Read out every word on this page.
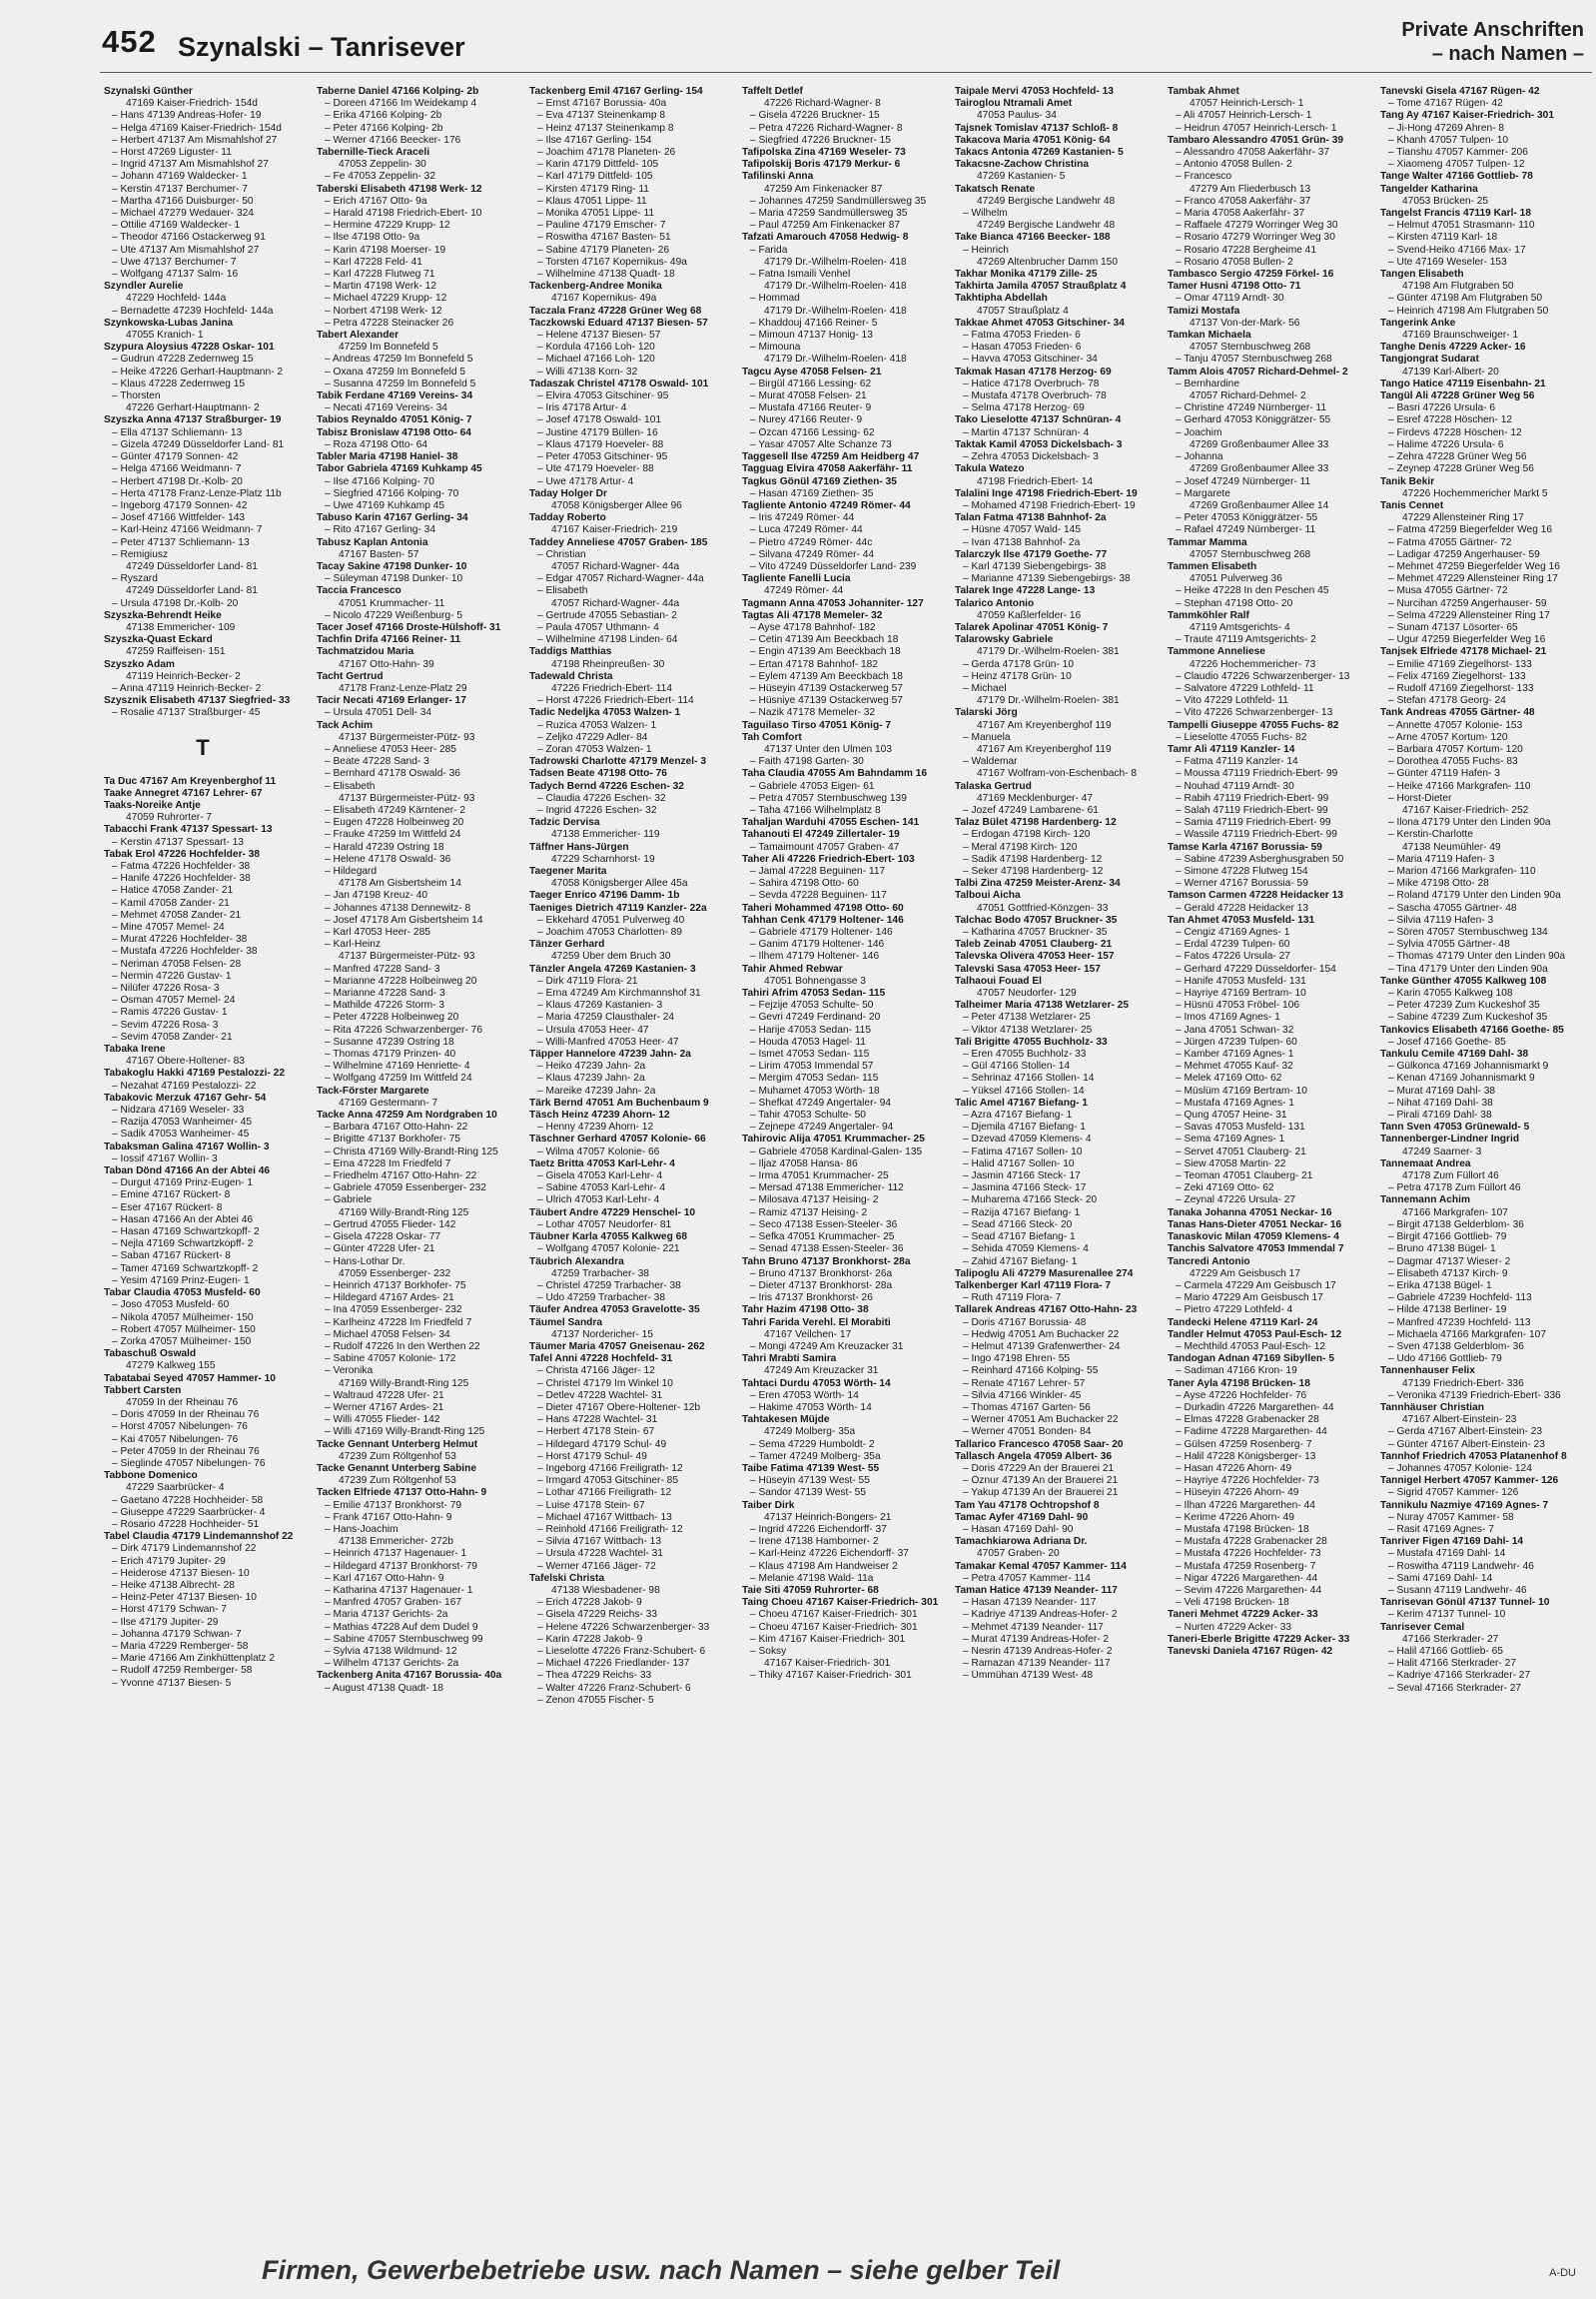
452 Szynalski – Tanrisever
Private Anschriften
– nach Namen –
Szynalski Günther
47169 Kaiser-Friedrich- 154d
– Hans 47139 Andreas-Hofer- 19
– Helga 47169 Kaiser-Friedrich- 154d
– Herbert 47137 Am Mismahlshof 27
– Horst 47269 Liguster- 11
– Ingrid 47137 Am Mismahlshof 27
– Johann 47169 Waldecker- 1
– Kerstin 47137 Berchumer- 7
– Martha 47166 Duisburger- 50
– Michael 47279 Wedauer- 324
– Ottilie 47169 Waldecker- 1
– Theodor 47166 Ostackerweg 91
– Ute 47137 Am Mismahlshof 27
– Uwe 47137 Berchumer- 7
– Wolfgang 47137 Salm- 16
Szyndler Aurelie
47229 Hochfeld- 144a
– Bernadette 47239 Hochfeld- 144a
Szynkowska-Lubas Janina
47055 Kranich- 1
Szypura Aloysius 47228 Oskar- 101
– Gudrun 47228 Zedernweg 15
– Heike 47226 Gerhart-Hauptmann- 2
– Klaus 47228 Zedernweg 15
– Thorsten
47226 Gerhart-Hauptmann- 2
Szyszka Anna 47137 Straßburger- 19
– Ella 47137 Schliemann- 13
– Gizela 47249 Düsseldorfer Land- 81
– Günter 47179 Sonnen- 42
– Helga 47166 Weidmann- 7
– Herbert 47198 Dr.-Kolb- 20
– Herta 47178 Franz-Lenze-Platz 11b
– Ingeborg 47179 Sonnen- 42
– Josef 47166 Wittfelder- 143
– Karl-Heinz 47166 Weidmann- 7
– Peter 47137 Schliemann- 13
– Remigiusz
47249 Düsseldorfer Land- 81
– Ryszard
47249 Düsseldorfer Land- 81
– Ursula 47198 Dr.-Kolb- 20
Szyszka-Behrendt Heike
47138 Emmericher- 109
Szyszka-Quast Eckard
47259 Raiffeisen- 151
Szyszko Adam
47119 Heinrich-Becker- 2
– Anna 47119 Heinrich-Becker- 2
Szysznik Elisabeth 47137 Siegfried- 33
– Rosalie 47137 Straßburger- 45
T
Ta Duc 47167 Am Kreyenberghof 11
Taake Annegret 47167 Lehrer- 67
Taaks-Noreike Antje
47059 Ruhrorter- 7
Tabacchi Frank 47137 Spessart- 13
– Kerstin 47137 Spessart- 13
Tabak Erol 47226 Hochfelder- 38
– Fatma 47226 Hochfelder- 38
– Hanife 47226 Hochfelder- 38
– Hatice 47058 Zander- 21
– Kamil 47058 Zander- 21
– Mehmet 47058 Zander- 21
– Mine 47057 Memel- 24
– Murat 47226 Hochfelder- 38
– Mustafa 47226 Hochfelder- 38
– Neriman 47058 Felsen- 28
– Nermin 47226 Gustav- 1
– Nilüfer 47226 Rosa- 3
– Osman 47057 Memel- 24
– Ramis 47226 Gustav- 1
– Sevim 47226 Rosa- 3
– Sevim 47058 Zander- 21
Tabaka Irene
47167 Obere-Holtener- 83
Tabakoglu Hakki 47169 Pestalozzi- 22
– Nezahat 47169 Pestalozzi- 22
Tabakovic Merzuk 47167 Gehr- 54
– Nidzara 47169 Weseler- 33
– Razija 47053 Wanheimer- 45
– Sadik 47053 Wanheimer- 45
Tabaksman Galina 47167 Wollin- 3
– Iossif 47167 Wollin- 3
Taban Dönd 47166 An der Abtei 46
– Durgut 47169 Prinz-Eugen- 1
– Emine 47167 Rückert- 8
– Eser 47167 Rückert- 8
– Hasan 47166 An der Abtei 46
– Hasan 47169 Schwartzkopff- 2
– Nejla 47169 Schwartzkopff- 2
– Saban 47167 Rückert- 8
– Tamer 47169 Schwartzkopff- 2
– Yesim 47169 Prinz-Eugen- 1
Tabar Claudia 47053 Musfeld- 60
– Joso 47053 Musfeld- 60
– Nikola 47057 Mülheimer- 150
– Robert 47057 Mülheimer- 150
– Zorka 47057 Mülheimer- 150
Tabaschuß Oswald
47279 Kalkweg 155
Tabatabai Seyed 47057 Hammer- 10
Tabbert Carsten
47059 In der Rheinau 76
– Doris 47059 In der Rheinau 76
– Horst 47057 Nibelungen- 76
– Kai 47057 Nibelungen- 76
– Peter 47059 In der Rheinau 76
– Sieglinde 47057 Nibelungen- 76
Tabbone Domenico
47229 Saarbrücker- 4
– Gaetano 47228 Hochheider- 58
– Giuseppe 47229 Saarbrücker- 4
– Rosario 47228 Hochheider- 51
Tabel Claudia 47179 Lindemannshof 22
– Dirk 47179 Lindemannshof 22
– Erich 47179 Jupiter- 29
– Heiderose 47137 Biesen- 10
– Heike 47138 Albrecht- 28
– Heinz-Peter 47137 Biesen- 10
– Horst 47179 Schwan- 7
– Ilse 47179 Jupiter- 29
– Johanna 47179 Schwan- 7
– Maria 47229 Remberger- 58
– Marie 47166 Am Zinkhüttenplatz 2
– Rudolf 47259 Remberger- 58
– Yvonne 47137 Biesen- 5
Taberne Daniel 47166 Kolping- 2b
– Doreen 47166 Im Weidekamp 4
– Erika 47166 Kolping- 2b
– Peter 47166 Kolping- 2b
– Werner 47166 Beecker- 176
Tabernille-Tieck Araceli
47053 Zeppelin- 30
– Fe 47053 Zeppelin- 32
Taberski Elisabeth 47198 Werk- 12
– Erich 47167 Otto- 9a
– Harald 47198 Friedrich-Ebert- 10
– Hermine 47229 Krupp- 12
– Ilse 47198 Otto- 9a
– Karin 47198 Moerser- 19
– Karl 47228 Feld- 41
– Karl 47228 Flutweg 71
– Martin 47198 Werk- 12
– Michael 47229 Krupp- 12
– Norbert 47198 Werk- 12
– Petra 47228 Steinacker 26
Tabert Alexander
47259 Im Bonnefeld 5
– Andreas 47259 Im Bonnefeld 5
– Oxana 47259 Im Bonnefeld 5
– Susanna 47259 Im Bonnefeld 5
Tabik Ferdane 47169 Vereins- 34
– Necati 47169 Vereins- 34
Tabios Reynaldo 47051 König- 7
Tabisz Bronislaw 47198 Otto- 64
– Roza 47198 Otto- 64
Tabler Maria 47198 Haniel- 38
Tabor Gabriela 47169 Kuhkamp 45
– Ilse 47166 Kolping- 70
– Siegfried 47166 Kolping- 70
– Uwe 47169 Kuhkamp 45
Tabuso Karin 47167 Gerling- 34
– Rito 47167 Gerling- 34
Tabusz Kaplan Antonia
47167 Basten- 57
Tacay Sakine 47198 Dunker- 10
– Süleyman 47198 Dunker- 10
Taccia Francesco
47051 Krummacher- 11
– Nicolo 47229 Weißenburg- 5
Tacer Josef 47166 Droste-Hülshoff- 31
Tachfin Drifa 47166 Reiner- 11
Tachmatzidou Maria
47167 Otto-Hahn- 39
Tacht Gertrud
47178 Franz-Lenze-Platz 29
Tacir Necati 47169 Erlanger- 17
– Ursula 47051 Dell- 34
Tack Achim
47137 Bürgermeister-Pütz- 93
– Anneliese 47053 Heer- 285
– Beate 47228 Sand- 3
– Bernhard 47178 Oswald- 36
– Elisabeth
47137 Bürgermeister-Pütz- 93
– Elisabeth 47249 Kärntener- 2
– Eugen 47228 Holbeinweg 20
– Frauke 47259 Im Wittfeld 24
– Harald 47239 Ostring 18
– Helene 47178 Oswald- 36
– Hildegard
47178 Am Gisbertsheim 14
– Jan 47198 Kreuz- 40
– Johannes 47138 Dennewitz- 8
– Josef 47178 Am Gisbertsheim 14
– Karl 47053 Heer- 285
– Karl-Heinz
47137 Bürgermeister-Pütz- 93
– Manfred 47228 Sand- 3
– Marianne 47228 Holbeinweg 20
– Marianne 47228 Sand- 3
– Mathilde 47226 Storm- 3
– Peter 47228 Holbeinweg 20
– Rita 47226 Schwarzenberger- 76
– Susanne 47239 Ostring 18
– Thomas 47179 Prinzen- 40
– Wilhelmine 47169 Henriette- 4
– Wolfgang 47259 Im Wittfeld 24
Tack-Förster Margarete
47169 Gestermann- 7
Tacke Anna 47259 Am Nordgraben 10
– Barbara 47167 Otto-Hahn- 22
– Brigitte 47137 Borkhofer- 75
– Christa 47169 Willy-Brandt-Ring 125
– Erna 47228 Im Friedfeld 7
– Friedhelm 47167 Otto-Hahn- 22
– Gabriele 47059 Essenberger- 232
– Gabriele
47169 Willy-Brandt-Ring 125
– Gertrud 47055 Flieder- 142
– Gisela 47228 Oskar- 77
– Günter 47228 Ufer- 21
– Hans-Lothar Dr.
47059 Essenberger- 232
– Heinrich 47137 Borkhofer- 75
– Hildegard 47167 Ardes- 21
– Ina 47059 Essenberger- 232
– Karlheinz 47228 Im Friedfeld 7
– Michael 47058 Felsen- 34
– Rudolf 47226 In den Werthen 22
– Sabine 47057 Kolonie- 172
– Veronika
47169 Willy-Brandt-Ring 125
– Waltraud 47228 Ufer- 21
– Werner 47167 Ardes- 21
– Willi 47055 Flieder- 142
– Willi 47169 Willy-Brandt-Ring 125
Tacke Gennant Unterberg Helmut
47239 Zum Röltgenhof 53
Tacke Genannt Unterberg Sabine
47239 Zum Röltgenhof 53
Tacken Elfriede 47137 Otto-Hahn- 9
– Emilie 47137 Bronkhorst- 79
– Frank 47167 Otto-Hahn- 9
– Hans-Joachim
47138 Emmericher- 272b
– Heinrich 47137 Hagenauer- 1
– Hildegard 47137 Bronkhorst- 79
– Karl 47167 Otto-Hahn- 9
– Katharina 47137 Hagenauer- 1
– Manfred 47057 Graben- 167
– Maria 47137 Gerichts- 2a
– Mathias 47228 Auf dem Dudel 9
– Sabine 47057 Sternbuschweg 99
– Sylvia 47138 Wildmund- 12
– Wilhelm 47137 Gerichts- 2a
Tackenberg Anita 47167 Borussia- 40a
– August 47138 Quadt- 18
Tackenberg Emil 47167 Gerling- 154
– Ernst 47167 Borussia- 40a
– Eva 47137 Steinenkamp 8
– Heinz 47137 Steinenkamp 8
– Ilse 47167 Gerling- 154
– Joachim 47178 Planeten- 26
– Karin 47179 Dittfeld- 105
– Karl 47179 Dittfeld- 105
– Kirsten 47179 Ring- 11
– Klaus 47051 Lippe- 11
– Monika 47051 Lippe- 11
– Pauline 47179 Emscher- 7
– Roswitha 47167 Basten- 51
– Sabine 47179 Planeten- 26
– Torsten 47167 Kopernikus- 49a
– Wilhelmine 47138 Quadt- 18
Tackenberg-Andree Monika
47167 Kopernikus- 49a
Taczala Franz 47228 Grüner Weg 68
Taczkowski Eduard 47137 Biesen- 57
– Helene 47137 Biesen- 57
– Kordula 47166 Loh- 120
– Michael 47166 Loh- 120
– Willi 47138 Korn- 32
Tadaszak Christel 47178 Oswald- 101
– Elvira 47053 Gitschiner- 95
– Iris 47178 Artur- 4
– Josef 47178 Oswald- 101
– Justine 47179 Büllen- 16
– Klaus 47179 Hoeveler- 88
– Peter 47053 Gitschiner- 95
– Ute 47179 Hoeveler- 88
– Uwe 47178 Artur- 4
Taday Holger Dr
47058 Königsberger Allee 96
Tadday Roberto
47167 Kaiser-Friedrich- 219
Taddey Anneliese 47057 Graben- 185
– Christian
47057 Richard-Wagner- 44a
– Edgar 47057 Richard-Wagner- 44a
– Elisabeth
47057 Richard-Wagner- 44a
– Gertrude 47055 Sebastian- 2
– Paula 47057 Uthmann- 4
– Wilhelmine 47198 Linden- 64
Taddigs Matthias
47198 Rheinpreußen- 30
Tadewald Christa
47226 Friedrich-Ebert- 114
– Horst 47226 Friedrich-Ebert- 114
Tadic Nedeljka 47053 Walzen- 1
– Ruzica 47053 Walzen- 1
– Zeljko 47229 Adler- 84
– Zoran 47053 Walzen- 1
Tadrowski Charlotte 47179 Menzel- 3
Tadsen Beate 47198 Otto- 76
Tadych Bernd 47226 Eschen- 32
– Claudia 47226 Eschen- 32
– Ingrid 47226 Eschen- 32
Tadzic Dervisa
47138 Emmericher- 119
Täffner Hans-Jürgen
47229 Scharnhorst- 19
Taegener Marita
47058 Königsberger Allee 45a
Taeger Enrico 47196 Damm- 1b
Taeniges Dietrich 47119 Kanzler- 22a
– Ekkehard 47051 Pulverweg 40
– Joachim 47053 Charlotten- 89
Tänzer Gerhard
47259 Über dem Bruch 30
Tänzler Angela 47269 Kastanien- 3
– Dirk 47119 Flora- 21
– Erna 47249 Am Kirchmannshof 31
– Klaus 47269 Kastanien- 3
– Maria 47259 Clausthaler- 24
– Ursula 47053 Heer- 47
– Willi-Manfred 47053 Heer- 47
Täpper Hannelore 47239 Jahn- 2a
– Heiko 47239 Jahn- 2a
– Klaus 47239 Jahn- 2a
– Mareike 47239 Jahn- 2a
Tärk Bernd 47051 Am Buchenbaum 9
Täsch Heinz 47239 Ahorn- 12
– Henny 47239 Ahorn- 12
Täschner Gerhard 47057 Kolonie- 66
– Wilma 47057 Kolonie- 66
Taetz Britta 47053 Karl-Lehr- 4
– Gisela 47053 Karl-Lehr- 4
– Sabine 47053 Karl-Lehr- 4
– Ulrich 47053 Karl-Lehr- 4
Täubert Andre 47229 Henschel- 10
– Lothar 47057 Neudorfer- 81
Täubner Karla 47055 Kalkweg 68
– Wolfgang 47057 Kolonie- 221
Täubrich Alexandra
47259 Trarbacher- 38
– Christel 47259 Trarbacher- 38
– Udo 47259 Trarbacher- 38
Täufer Andrea 47053 Gravelotte- 35
Täumel Sandra
47137 Nordericher- 15
Täumer Maria 47057 Gneisenau- 262
Tafel Anni 47228 Hochfeld- 31
– Christa 47166 Jäger- 12
– Christel 47179 Im Winkel 10
– Detlev 47228 Wachtel- 31
– Dieter 47167 Obere-Holtener- 12b
– Hans 47228 Wachtel- 31
– Herbert 47178 Stein- 67
– Hildegard 47179 Schul- 49
– Horst 47179 Schul- 49
– Ingeborg 47166 Freiligrath- 12
– Irmgard 47053 Gitschiner- 85
– Lothar 47166 Freiligrath- 12
– Luise 47178 Stein- 67
– Michael 47167 Wittbach- 13
– Reinhold 47166 Freiligrath- 12
– Silvia 47167 Wittbach- 13
– Ursula 47228 Wachtel- 31
– Werner 47166 Jäger- 72
Tafelski Christa
47138 Wiesbadener- 98
– Erich 47228 Jakob- 9
– Gisela 47229 Reichs- 33
– Helene 47226 Schwarzenberger- 33
– Karin 47228 Jakob- 9
– Lieselotte 47226 Franz-Schubert- 6
– Michael 47226 Friedlander- 137
– Thea 47229 Reichs- 33
– Walter 47226 Franz-Schubert- 6
– Zenon 47055 Fischer- 5
Taffelt Detlef
47226 Richard-Wagner- 8
– Gisela 47226 Bruckner- 15
– Petra 47226 Richard-Wagner- 8
– Siegfried 47226 Bruckner- 15
Tafipolska Zina 47169 Weseler- 73
Tafipolskij Boris 47179 Merkur- 6
Tafilinski Anna
47259 Am Finkenacker 87
– Johannes 47259 Sandmüllersweg 35
– Maria 47259 Sandmüllersweg 35
– Paul 47259 Am Finkenacker 87
Tafzati Amarouch 47058 Hedwig- 8
– Farida
47179 Dr.-Wilhelm-Roelen- 418
– Fatna Ismaili Venhel
47179 Dr.-Wilhelm-Roelen- 418
– Hommad
47179 Dr.-Wilhelm-Roelen- 418
– Khaddouj 47166 Reiner- 5
– Mimoun 47137 Honig- 13
– Mimouna
47179 Dr.-Wilhelm-Roelen- 418
Tagcu Ayse 47058 Felsen- 21
– Birgül 47166 Lessing- 62
– Murat 47058 Felsen- 21
– Mustafa 47166 Reuter- 9
– Nurey 47166 Reuter- 9
– Özcan 47166 Lessing- 62
– Yasar 47057 Alte Schanze 73
Taggesell Ilse 47259 Am Heidberg 47
Tagguag Elvira 47058 Aakerfähr- 11
Tagkus Gönül 47169 Ziethen- 35
– Hasan 47169 Ziethen- 35
Tagliente Antonio 47249 Römer- 44
– Iris 47249 Römer- 44
– Luca 47249 Römer- 44
– Pietro 47249 Römer- 44c
– Silvana 47249 Römer- 44
– Vito 47249 Düsseldorfer Land- 239
Tagliente Fanelli Lucia
47249 Römer- 44
Tagmann Anna 47053 Johanniter- 127
Tagtas Ali 47178 Memeler- 32
– Ayse 47178 Bahnhof- 182
– Cetin 47139 Am Beeckbach 18
– Engin 47139 Am Beeckbach 18
– Ertan 47178 Bahnhof- 182
– Eylem 47139 Am Beeckbach 18
– Hüseyin 47139 Ostackerweg 57
– Hüsniye 47139 Ostackerweg 57
– Nazik 47178 Memeler- 32
Taguilaso Tirso 47051 König- 7
Tah Comfort
47137 Unter den Ulmen 103
– Faith 47198 Garten- 30
Taha Claudia 47055 Am Bahndamm 16
– Gabriele 47053 Eigen- 61
– Petra 47057 Sternbuschweg 139
– Taha 47166 Wilhelmplatz 8
Tahaljan Warduhi 47055 Eschen- 141
Tahanouti El 47249 Zillertaler- 19
– Tamaimount 47057 Graben- 47
Taher Ali 47226 Friedrich-Ebert- 103
– Jamal 47228 Beguinen- 117
– Sahira 47198 Otto- 60
– Sevda 47228 Beguinen- 117
Taheri Mohammed 47198 Otto- 60
Tahhan Cenk 47179 Holtener- 146
– Gabriele 47179 Holtener- 146
– Ganim 47179 Holtener- 146
– Ilhem 47179 Holtener- 146
Tahir Ahmed Rebwar
47051 Bohnengasse 3
Tahiri Afrim 47053 Sedan- 115
– Fejzije 47053 Schulte- 50
– Gevri 47249 Ferdinand- 20
– Harije 47053 Sedan- 115
– Houda 47053 Hagel- 11
– Ismet 47053 Sedan- 115
– Lirim 47053 Immendal 57
– Mergim 47053 Sedan- 115
– Muhamet 47053 Wörth- 18
– Shefkat 47249 Angertaler- 94
– Tahir 47053 Schulte- 50
– Zejnepe 47249 Angertaler- 94
Tahirovic Alija 47051 Krummacher- 25
– Gabriele 47058 Kardinal-Galen- 135
– Iljaz 47058 Hansa- 86
– Irma 47051 Krummacher- 25
– Mersad 47138 Emmericher- 112
– Milosava 47137 Heising- 2
– Ramiz 47137 Heising- 2
– Seco 47138 Essen-Steeler- 36
– Sefka 47051 Krummacher- 25
– Senad 47138 Essen-Steeler- 36
Tahn Bruno 47137 Bronkhorst- 28a
– Bruno 47137 Bronkhorst- 26a
– Dieter 47137 Bronkhorst- 28a
– Iris 47137 Bronkhorst- 26
Tahr Hazim 47198 Otto- 38
Tahri Farida Verehl. El Morabiti
47167 Veilchen- 17
– Mongi 47249 Am Kreuzacker 31
Tahri Mrabti Samira
47249 Am Kreuzacker 31
Tahtaci Durdu 47053 Wörth- 14
– Eren 47053 Wörth- 14
– Hakime 47053 Wörth- 14
Tahtakesen Müjde
47249 Molberg- 35a
– Sema 47229 Humboldt- 2
– Tamer 47249 Molberg- 35a
Taibe Fatima 47139 West- 55
– Hüseyin 47139 West- 55
– Sandor 47139 West- 55
Taiber Dirk
47137 Heinrich-Bongers- 21
– Ingrid 47226 Eichendorff- 37
– Irene 47138 Hamborner- 2
– Karl-Heinz 47226 Eichendorff- 37
– Klaus 47198 Am Handweiser 2
– Melanie 47198 Wald- 11a
Taie Siti 47059 Ruhrorter- 68
Taing Choeu 47167 Kaiser-Friedrich- 301
– Choeu 47167 Kaiser-Friedrich- 301
– Choeu 47167 Kaiser-Friedrich- 301
– Kim 47167 Kaiser-Friedrich- 301
– Soksy
47167 Kaiser-Friedrich- 301
– Thiky 47167 Kaiser-Friedrich- 301
Taipale Mervi 47053 Hochfeld- 13
Tairoglou Ntramali Amet
47053 Paulus- 34
Tajsnek Tomislav 47137 Schloß- 8
Takacova Maria 47051 König- 64
Takacs Antonia 47269 Kastanien- 5
Takacsne-Zachow Christina
47269 Kastanien- 5
Takatsch Renate
47249 Bergische Landwehr 48
– Wilhelm
47249 Bergische Landwehr 48
Take Bianca 47166 Beecker- 188
– Heinrich
47269 Altenbrucher Damm 150
Takhar Monika 47179 Zille- 25
Takhirta Jamila 47057 Straußplatz 4
Takhtipha Abdellah
47057 Straußplatz 4
Takkae Ahmet 47053 Gitschiner- 34
– Fatma 47053 Frieden- 6
– Hasan 47053 Frieden- 6
– Havva 47053 Gitschiner- 34
Takmak Hasan 47178 Herzog- 69
– Hatice 47178 Overbruch- 78
– Mustafa 47178 Overbruch- 78
– Selma 47178 Herzog- 69
Tako Lieselotte 47137 Schnüran- 4
– Martin 47137 Schnüran- 4
Taktak Kamil 47053 Dickelsbach- 3
– Zehra 47053 Dickelsbach- 3
Takula Watezo
47198 Friedrich-Ebert- 14
Talalini Inge 47198 Friedrich-Ebert- 19
– Mohamed 47198 Friedrich-Ebert- 19
Talan Fatma 47138 Bahnhof- 2a
– Hüsne 47057 Wald- 145
– Ivan 47138 Bahnhof- 2a
Talarczyk Ilse 47179 Goethe- 77
– Karl 47139 Siebengebirgs- 38
– Marianne 47139 Siebengebirgs- 38
Talarek Inge 47228 Lange- 13
Talarico Antonio
47059 Kaßlerfelder- 16
Talarek Apolinar 47051 König- 7
Talarowsky Gabriele
47179 Dr.-Wilhelm-Roelen- 381
– Gerda 47178 Grün- 10
– Heinz 47178 Grün- 10
– Michael
47179 Dr.-Wilhelm-Roelen- 381
Talarski Jörg
47167 Am Kreyenberghof 119
– Manuela
47167 Am Kreyenberghof 119
– Waldemar
47167 Wolfram-von-Eschenbach- 8
Talaska Gertrud
47169 Mecklenburger- 47
– Jozef 47249 Lambarene- 61
Talaz Bület 47198 Hardenberg- 12
– Erdogan 47198 Kirch- 120
– Meral 47198 Kirch- 120
– Sadik 47198 Hardenberg- 12
– Seker 47198 Hardenberg- 12
Talbi Zina 47259 Meister-Arenz- 34
Talboui Aicha
47051 Gottfried-Könzgen- 33
Talchac Bodo 47057 Bruckner- 35
– Katharina 47057 Bruckner- 35
Taleb Zeinab 47051 Clauberg- 21
Talevska Olivera 47053 Heer- 157
Talevski Sasa 47053 Heer- 157
Talhaoui Fouad El
47057 Neudorfer- 129
Talheimer Maria 47138 Wetzlarer- 25
– Peter 47138 Wetzlarer- 25
– Viktor 47138 Wetzlarer- 25
Tali Brigitte 47055 Buchholz- 33
– Eren 47055 Buchholz- 33
– Gül 47166 Stollen- 14
– Sehrinaz 47166 Stollen- 14
– Yüksel 47166 Stollen- 14
Talic Amel 47167 Biefang- 1
– Azra 47167 Biefang- 1
– Djemila 47167 Biefang- 1
– Dzevad 47059 Klemens- 4
– Fatima 47167 Sollen- 10
– Halid 47167 Sollen- 10
– Jasmin 47166 Steck- 17
– Jasmina 47166 Steck- 17
– Muharema 47166 Steck- 20
– Razija 47167 Biefang- 1
– Sead 47166 Steck- 20
– Sead 47167 Biefang- 1
– Sehida 47059 Klemens- 4
– Zahid 47167 Biefang- 1
Talipoglu Ali 47279 Masurenallee 274
Talkenberger Karl 47119 Flora- 7
– Ruth 47119 Flora- 7
Tallarek Andreas 47167 Otto-Hahn- 23
– Doris 47167 Borussia- 48
– Hedwig 47051 Am Buchacker 22
– Helmut 47139 Grafenwerther- 24
– Ingo 47198 Ehren- 55
– Reinhard 47166 Kolping- 55
– Renate 47167 Lehrer- 57
– Silvia 47166 Winkler- 45
– Thomas 47167 Garten- 56
– Werner 47051 Am Buchacker 22
– Werner 47051 Bonden- 84
Tallarico Francesco 47058 Saar- 20
Tallasch Angela 47059 Albert- 36
– Doris 47229 An der Brauerei 21
– Öznur 47139 An der Brauerei 21
– Yakup 47139 An der Brauerei 21
Tam Yau 47178 Ochtropshof 8
Tamac Ayfer 47169 Dahl- 90
– Hasan 47169 Dahl- 90
Tamachkiarowa Adriana Dr.
47057 Graben- 20
Tamakar Kemal 47057 Kammer- 114
– Petra 47057 Kammer- 114
Taman Hatice 47139 Neander- 117
– Hasan 47139 Neander- 117
– Kadriye 47139 Andreas-Hofer- 2
– Mehmet 47139 Neander- 117
– Murat 47139 Andreas-Hofer- 2
– Nesrin 47139 Andreas-Hofer- 2
– Ramazan 47139 Neander- 117
– Ümmühan 47139 West- 48
Tambak Ahmet
47057 Heinrich-Lersch- 1
– Ali 47057 Heinrich-Lersch- 1
– Heidrun 47057 Heinrich-Lersch- 1
Tambaro Alessandro 47051 Grün- 39
– Alessandro 47058 Aakerfähr- 37
– Antonio 47058 Bullen- 2
– Francesco
47279 Am Fliederbusch 13
– Franco 47058 Aakerfähr- 37
– Maria 47058 Aakerfähr- 37
– Raffaele 47279 Worringer Weg 30
– Rosario 47279 Worringer Weg 30
– Rosario 47228 Bergheime 41
– Rosario 47058 Bullen- 2
Tambasco Sergio 47259 Förkel- 16
Tamer Husni 47198 Otto- 71
– Omar 47119 Arndt- 30
Tamizi Mostafa
47137 Von-der-Mark- 56
Tamkan Michaela
47057 Sternbuschweg 268
– Tanju 47057 Sternbuschweg 268
Tamm Alois 47057 Richard-Dehmel- 2
– Bernhardine
47057 Richard-Dehmel- 2
– Christine 47249 Nürnberger- 11
– Gerhard 47053 Königgrätzer- 55
– Joachim
47269 Großenbaumer Allee 33
– Johanna
47269 Großenbaumer Allee 33
– Josef 47249 Nürnberger- 11
– Margarete
47269 Großenbaumer Allee 14
– Peter 47053 Königgrätzer- 55
– Rafael 47249 Nürnberger- 11
Tammar Mamma
47057 Sternbuschweg 268
Tammen Elisabeth
47051 Pulverweg 36
– Heike 47228 In den Peschen 45
– Stephan 47198 Otto- 20
Tammköhler Ralf
47119 Amtsgerichts- 4
– Traute 47119 Amtsgerichts- 2
Tammone Anneliese
47226 Hochemmericher- 73
– Claudio 47226 Schwarzenberger- 13
– Salvatore 47229 Lothfeld- 11
– Vito 47229 Lothfeld- 11
– Vito 47226 Schwarzenberger- 13
Tampelli Giuseppe 47055 Fuchs- 82
– Lieselotte 47055 Fuchs- 82
Tamr Ali 47119 Kanzler- 14
– Fatma 47119 Kanzler- 14
– Moussa 47119 Friedrich-Ebert- 99
– Nouhad 47119 Arndt- 30
– Rabih 47119 Friedrich-Ebert- 99
– Salah 47119 Friedrich-Ebert- 99
– Samia 47119 Friedrich-Ebert- 99
– Wassile 47119 Friedrich-Ebert- 99
Tamse Karla 47167 Borussia- 59
– Sabine 47239 Asberghusgraben 50
– Simone 47228 Flutweg 154
– Werner 47167 Borussia- 59
Tamson Carmen 47228 Heidacker 13
– Gerald 47228 Heidacker 13
Tan Ahmet 47053 Musfeld- 131
– Cengiz 47169 Agnes- 1
– Erdal 47239 Tulpen- 60
– Fatos 47226 Ursula- 27
– Gerhard 47229 Düsseldorfer- 154
– Hanife 47053 Musfeld- 131
– Hayriye 47169 Bertram- 10
– Hüsnü 47053 Fröbel- 106
– Imos 47169 Agnes- 1
– Jana 47051 Schwan- 32
– Jürgen 47239 Tulpen- 60
– Kamber 47169 Agnes- 1
– Mehmet 47055 Kauf- 32
– Melek 47169 Otto- 62
– Müslüm 47169 Bertram- 10
– Mustafa 47169 Agnes- 1
– Qung 47057 Heine- 31
– Savas 47053 Musfeld- 131
– Sema 47169 Agnes- 1
– Servet 47051 Clauberg- 21
– Siew 47058 Martin- 22
– Teoman 47051 Clauberg- 21
– Zeki 47169 Otto- 62
– Zeynal 47226 Ursula- 27
Tanaka Johanna 47051 Neckar- 16
Tanas Hans-Dieter 47051 Neckar- 16
Tanaskovic Milan 47059 Klemens- 4
Tanchis Salvatore 47053 Immendal 7
Tancredi Antonio
47229 Am Geisbusch 17
– Carmela 47229 Am Geisbusch 17
– Mario 47229 Am Geisbusch 17
– Pietro 47229 Lothfeld- 4
Tandecki Helene 47119 Karl- 24
Tandler Helmut 47053 Paul-Esch- 12
– Mechthild 47053 Paul-Esch- 12
Tandogan Adnan 47169 Sibyllen- 5
– Sadiman 47166 Kron- 19
Taner Ayla 47198 Brücken- 18
– Ayse 47226 Hochfelder- 76
– Durkadin 47226 Margarethen- 44
– Elmas 47228 Grabenacker 28
– Fadime 47228 Margarethen- 44
– Gülsen 47259 Rosenberg- 7
– Halil 47228 Königsberger- 13
– Hasan 47226 Ahorn- 49
– Hayriye 47226 Hochfelder- 73
– Hüseyin 47226 Ahorn- 49
– Ilhan 47226 Margarethen- 44
– Kerime 47226 Ahorn- 49
– Mustafa 47198 Brücken- 18
– Mustafa 47228 Grabenacker 28
– Mustafa 47226 Hochfelder- 73
– Mustafa 47259 Rosenberg- 7
– Nigar 47226 Margarethen- 44
– Sevim 47226 Margarethen- 44
– Veli 47198 Brücken- 18
Taneri Mehmet 47229 Acker- 33
– Nurten 47229 Acker- 33
Taneri-Eberle Brigitte 47229 Acker- 33
Tanevski Daniela 47167 Rügen- 42
Tanevski Gisela 47167 Rügen- 42
– Tome 47167 Rügen- 42
Tang Ay 47167 Kaiser-Friedrich- 301
– Ji-Hong 47269 Ahren- 8
– Khanh 47057 Tulpen- 10
– Tianshu 47057 Kammer- 206
– Xiaomeng 47057 Tulpen- 12
Tange Walter 47166 Gottlieb- 78
Tangelder Katharina
47053 Brücken- 25
Tangelst Francis 47119 Karl- 18
– Helmut 47051 Strasmann- 110
– Kirsten 47119 Karl- 18
– Svend-Heiko 47166 Max- 17
– Ute 47169 Weseler- 153
Tangen Elisabeth
47198 Am Flutgraben 50
– Günter 47198 Am Flutgraben 50
– Heinrich 47198 Am Flutgraben 50
Tangerink Anke
47169 Braunschweiger- 1
Tanghe Denis 47229 Acker- 16
Tangjongrat Sudarat
47139 Karl-Albert- 20
Tango Hatice 47119 Eisenbahn- 21
Tangül Ali 47228 Grüner Weg 56
– Basri 47226 Ursula- 6
– Esref 47228 Höschen- 12
– Firdevs 47228 Höschen- 12
– Halime 47226 Ursula- 6
– Zehra 47228 Grüner Weg 56
– Zeynep 47228 Grüner Weg 56
Tanik Bekir
47226 Hochemmericher Markt 5
Tanis Cennet
47229 Allensteiner Ring 17
– Fatma 47259 Biegerfelder Weg 16
– Fatma 47055 Gärtner- 72
– Ladigar 47259 Angerhauser- 59
– Mehmet 47259 Biegerfelder Weg 16
– Mehmet 47229 Allensteiner Ring 17
– Musa 47055 Gärtner- 72
– Nurcihan 47259 Angerhauser- 59
– Selma 47229 Allensteiner Ring 17
– Sunam 47137 Lösorter- 65
– Ugur 47259 Biegerfelder Weg 16
Tanjsek Elfriede 47178 Michael- 21
– Emilie 47169 Ziegelhorst- 133
– Felix 47169 Ziegelhorst- 133
– Rudolf 47169 Ziegelhorst- 133
– Stefan 47178 Georg- 24
Tank Andreas 47055 Gärtner- 48
– Annette 47057 Kolonie- 153
– Arne 47057 Kortum- 120
– Barbara 47057 Kortum- 120
– Dorothea 47055 Fuchs- 83
– Günter 47119 Hafen- 3
– Heike 47166 Markgrafen- 110
– Horst-Dieter
47167 Kaiser-Friedrich- 252
– Ilona 47179 Unter den Linden 90a
– Kerstin-Charlotte
47138 Neumühler- 49
– Maria 47119 Hafen- 3
– Marion 47166 Markgrafen- 110
– Mike 47198 Otto- 28
– Roland 47179 Unter den Linden 90a
– Sascha 47055 Gärtner- 48
– Silvia 47119 Hafen- 3
– Sören 47057 Sternbuschweg 134
– Sylvia 47055 Gärtner- 48
– Thomas 47179 Unter den Linden 90a
– Tina 47179 Unter den Linden 90a
Tanke Günther 47055 Kalkweg 108
– Karin 47055 Kalkweg 108
– Peter 47239 Zum Kuckeshof 35
– Sabine 47239 Zum Kuckeshof 35
Tankovics Elisabeth 47166 Goethe- 85
– Josef 47166 Goethe- 85
Tankulu Cemile 47169 Dahl- 38
– Gülkonca 47169 Johannismarkt 9
– Kenan 47169 Johannismarkt 9
– Murat 47169 Dahl- 38
– Nihat 47169 Dahl- 38
– Pirali 47169 Dahl- 38
Tann Sven 47053 Grünewald- 5
Tannenberger-Lindner Ingrid
47249 Saarner- 3
Tannemaat Andrea
47178 Zum Füllort 46
– Petra 47178 Zum Füllort 46
Tannemann Achim
47166 Markgrafen- 107
– Birgit 47138 Gelderblom- 36
– Birgit 47166 Gottlieb- 79
– Bruno 47138 Bügel- 1
– Dagmar 47137 Wieser- 2
– Elisabeth 47137 Kirch- 9
– Erika 47138 Bügel- 1
– Gabriele 47239 Hochfeld- 113
– Hilde 47138 Berliner- 19
– Manfred 47239 Hochfeld- 113
– Michaela 47166 Markgrafen- 107
– Sven 47138 Gelderblom- 36
– Udo 47166 Gottlieb- 79
Tannenhauser Felix
47139 Friedrich-Ebert- 336
– Veronika 47139 Friedrich-Ebert- 336
Tannhäuser Christian
47167 Albert-Einstein- 23
– Gerda 47167 Albert-Einstein- 23
– Günter 47167 Albert-Einstein- 23
Tannhof Friedrich 47053 Platanenhof 8
– Johannes 47057 Kolonie- 124
Tannigel Herbert 47057 Kammer- 126
– Sigrid 47057 Kammer- 126
Tannikulu Nazmiye 47169 Agnes- 7
– Nuray 47057 Kammer- 58
– Rasit 47169 Agnes- 7
Tanriver Figen 47169 Dahl- 14
– Mustafa 47169 Dahl- 14
– Roswitha 47119 Landwehr- 46
– Sami 47169 Dahl- 14
– Susann 47119 Landwehr- 46
Tanrisevan Gönül 47137 Tunnel- 10
– Kerim 47137 Tunnel- 10
Tanrisever Cemal
47166 Sterkrader- 27
– Halil 47166 Gottlieb- 65
– Halit 47166 Sterkrader- 27
– Kadriye 47166 Sterkrader- 27
– Seval 47166 Sterkrader- 27
Firmen, Gewerbebetriebe usw. nach Namen – siehe gelber Teil	A-DU
